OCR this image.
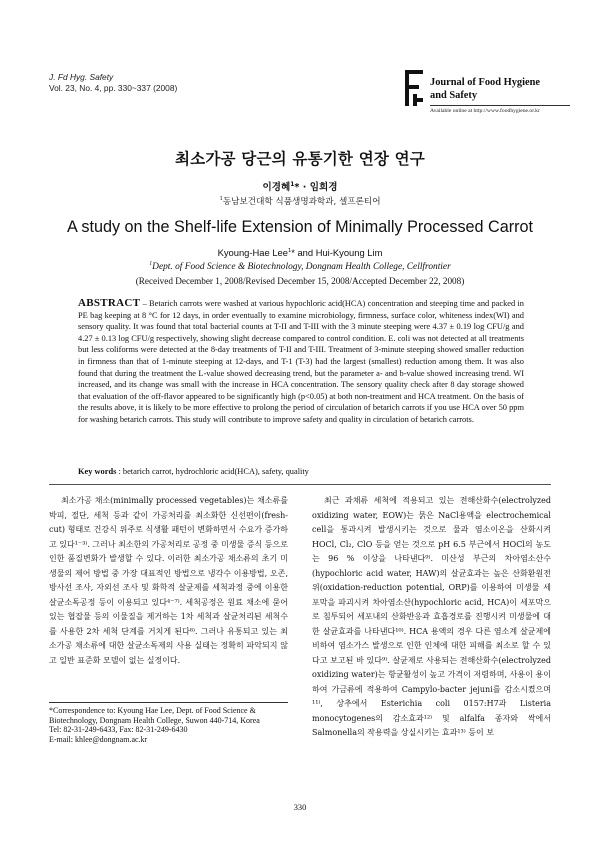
J. Fd Hyg. Safety
Vol. 23, No. 4, pp. 330~337 (2008)	Journal of Food Hygiene
and Safety
Available online at http://www.foodhygiene.or.kr
최소가공 당근의 유통기한 연장 연구
이경혜$^1$* · 임희경
$^1$동남보건대학 식품생명과학과, 셀프론티어
A study on the Shelf-life Extension of Minimally Processed Carrot
Kyoung-Hae Lee$^1$* and Hui-Kyoung Lim
$^1$Dept. of Food Science & Biotechnology, Dongnam Health College, Cellfrontier
(Received December 1, 2008/Revised December 15, 2008/Accepted December 22, 2008)
ABSTRACT – Betarich carrots were washed at various hypochloric acid(HCA) concentration and steeping time and packed in PE bag keeping at 8 °C for 12 days, in order eventually to examine microbiology, firmness, surface color, whiteness index(WI) and sensory quality. It was found that total bacterial counts at T-II and T-III with the 3 minute steeping were 4.37 ± 0.19 log CFU/g and 4.27 ± 0.13 log CFU/g respectively, showing slight decrease compared to control condition. E. coli was not detected at all treatments but less coliforms were detected at the 8-day treatments of T-II and T-III. Treatment of 3-minute steeping showed smaller reduction in firmness than that of 1-minute steeping at 12-days, and T-1 (T-3) had the largest (smallest) reduction among them. It was also found that during the treatment the L-value showed decreasing trend, but the parameter a- and b-value showed increasing trend. WI increased, and its change was small with the increase in HCA concentration. The sensory quality check after 8 day storage showed that evaluation of the off-flavor appeared to be significantly high (p<0.05) at both non-treatment and HCA treatment. On the basis of the results above, it is likely to be more effective to prolong the period of circulation of betarich carrots if you use HCA over 50 ppm for washing betarich carrots. This study will contribute to improve safety and quality in circulation of betarich carrots.
Key words : betarich carrot, hydrochloric acid(HCA), safety, quality

최소가공 채소(minimally processed vegetables)는 채소류를 박피, 절단, 세척 등과 같이 가공처리를 최소화한 신선편이(fresh-cut) 형태로 건강식 위주로 식생활 패턴이 변화하면서 수요가 증가하고 있다¹⁻³⁾. 그러나 최소한의 가공처리로 공정 중 미생물 증식 등으로 인한 품질변화가 발생할 수 있다. 이러한 최소가공 채소류의 초기 미생물의 제어 방법 중 가장 대표적인 방법으로 냉각수 이용방법, 오존, 방사선 조사, 자외선 조사 및 화학적 살균제를 세척과정 중에 이용한 살균소독공정 등이 이용되고 있다⁴⁻⁷⁾. 세척공정은 원료 채소에 묻어 있는 협잡물 등의 이물질을 제거하는 1차 세척과 살균처리된 세척수를 사용한 2차 세척 단계를 거치게 된다⁸⁾. 그러나 유통되고 있는 최소가공 채소류에 대한 살균소독제의 사용 실태는 정확히 파악되지 않고 일반 표준화 모델이 없는 실정이다.

최근 과채류 세척에 적용되고 있는 전해산화수(electrolyzed oxidizing water, EOW)는 묽은 NaCl용액을 electrochemical cell을 통과시켜 발생시키는 것으로 물과 염소이온을 산화시켜 HOCl, Cl₂, ClO 등을 얻는 것으로 pH 6.5 부근에서 HOCl의 농도는 96 % 이상을 나타낸다⁹⁾. 미산성 부근의 차아염소산수(hypochloric acid water, HAW)의 살균효과는 높은 산화환원전위(oxidation-reduction potential, ORP)를 이용하여 미생물 세포막을 파괴시켜 차아염소산(hypochloric acid, HCA)이 세포막으로 침투되어 세포내의 산화반응과 효흡경로를 진행시켜 미생물에 대한 살균효과를 나타낸다¹⁰⁾. HCA 용액의 경우 다른 염소계 살균제에 비하여 염소가스 발생으로 인한 인체에 대한 피해를 최소로 할 수 있다고 보고된 바 있다⁹⁾. 살균제로 사용되는 전해산화수(electrolyzed oxidizing water)는 항균활성이 높고 가격이 저렴하며, 사용이 용이하여 가금류에 적용하여 Campylo-bacter jejuni를 감소시켰으며¹¹⁾, 상추에서 Esterichia coli 0157:H7과 Listeria monocytogenes의 감소효과¹²⁾ 및 alfalfa 종자와 싹에서 Salmonella의 작용력을 상실시키는 효과¹³⁾ 등이 보

*Correspondence to: Kyoung Hae Lee, Dept. of Food Science & Biotechnology, Dongnam Health College, Suwon 440-714, Korea
Tel: 82-31-249-6433, Fax: 82-31-249-6430
E-mail: khlee@dongnam.ac.kr
330
